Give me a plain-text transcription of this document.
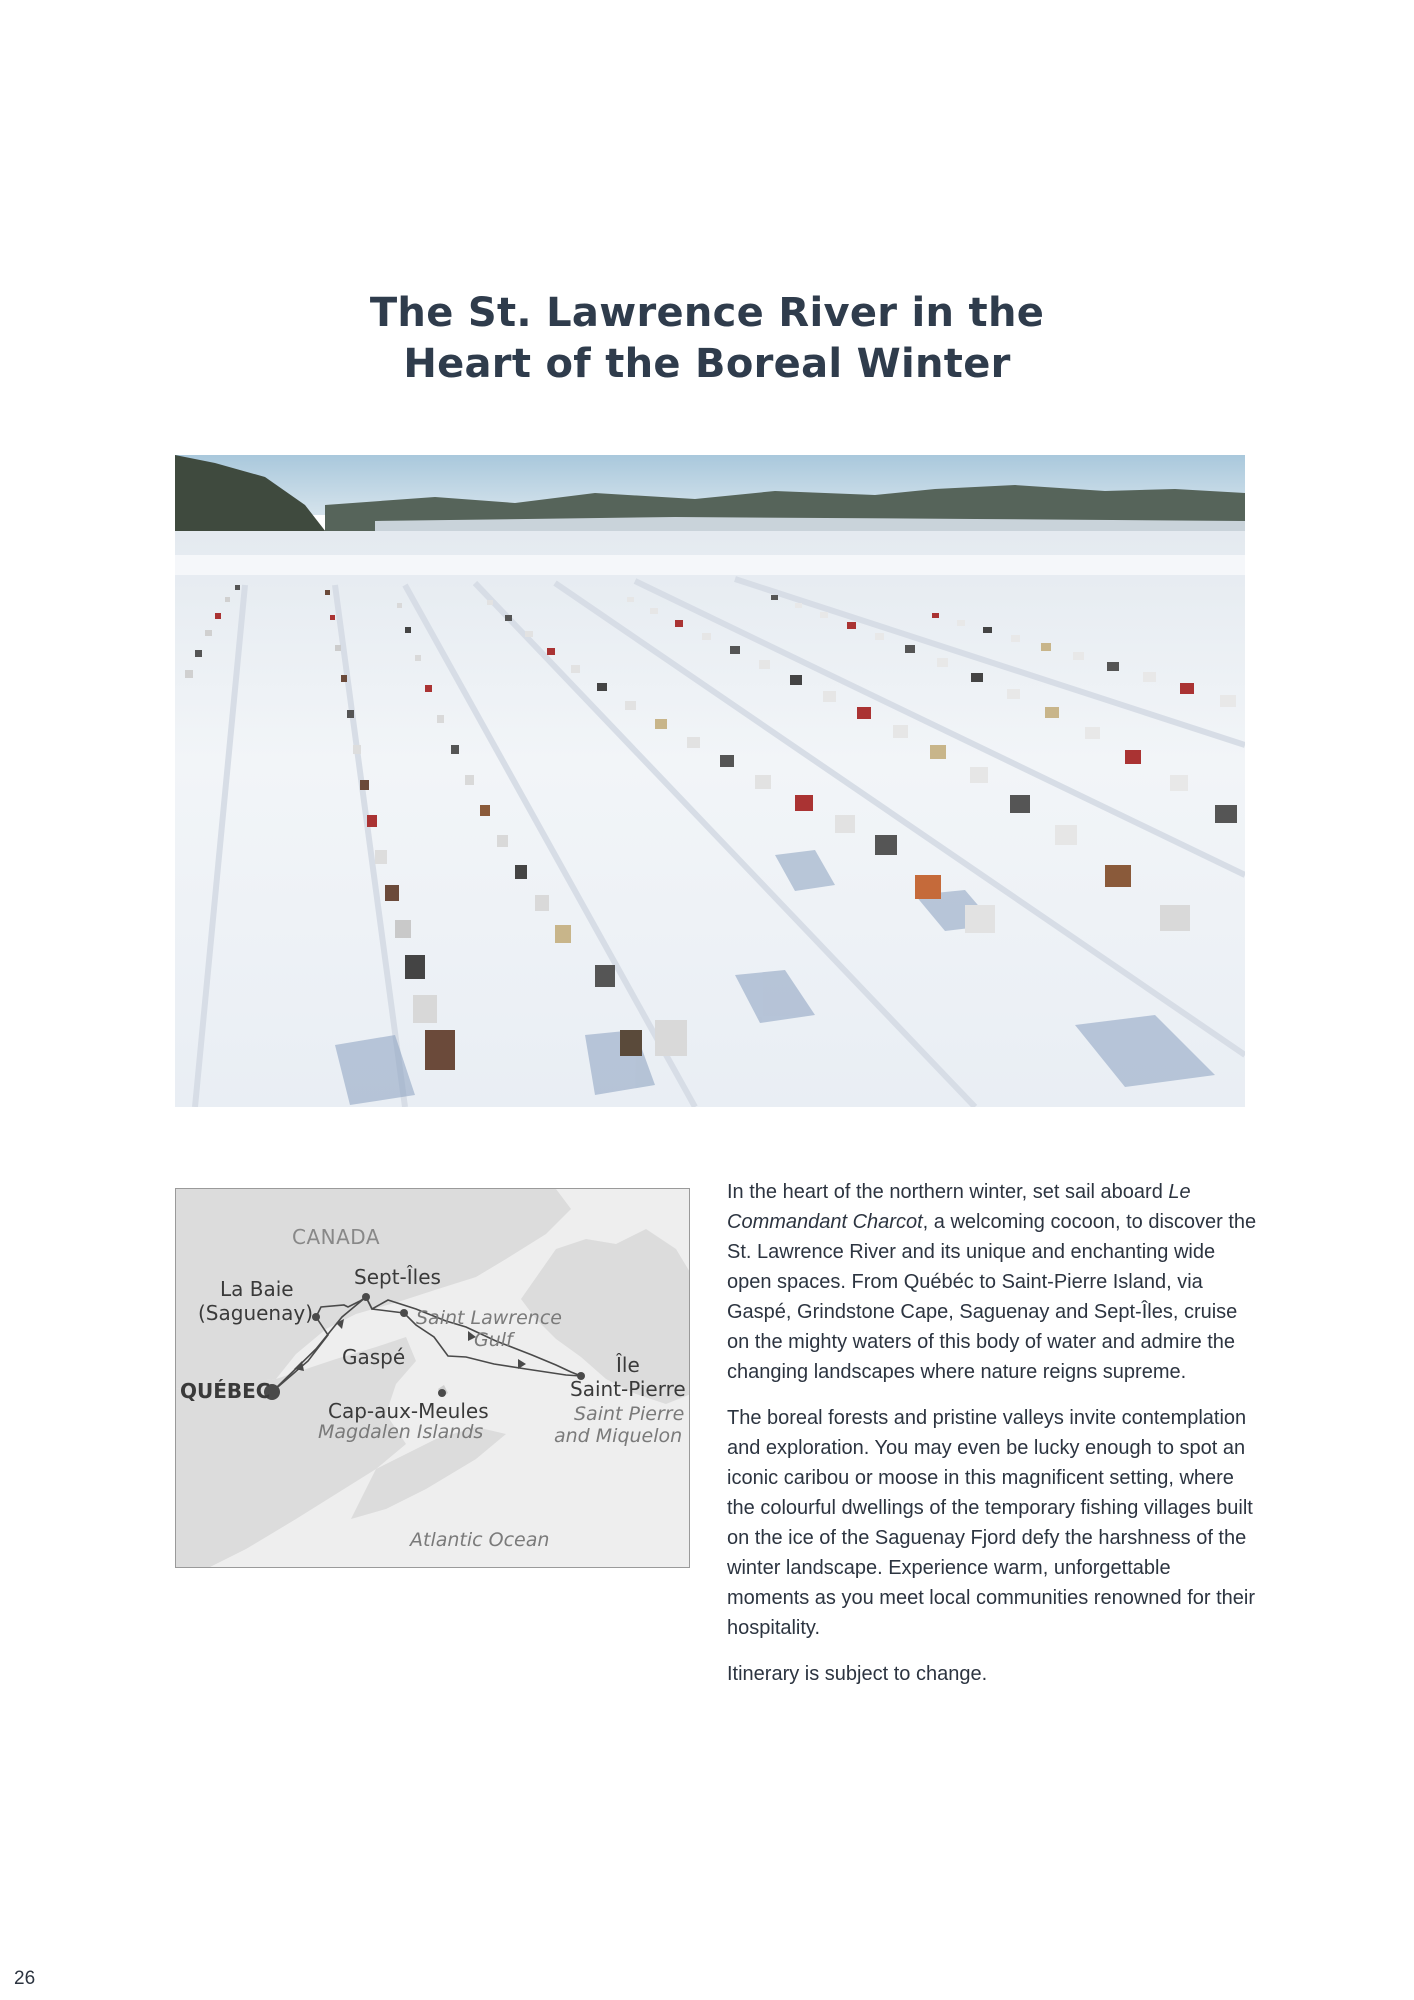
The St. Lawrence River in the
Heart of the Boreal Winter
CANADA
La Baie
(Saguenay)
Sept-Îles
Saint Lawrence
Gulf
Gaspé
QUÉBEC
Île
Saint-Pierre
Saint Pierre
and Miquelon
Cap-aux-Meules
Magdalen Islands
Atlantic Ocean

In the heart of the northern winter, set sail aboard Le Commandant Charcot, a welcoming cocoon, to discover the St. Lawrence River and its unique and enchanting wide open spaces. From Québéc to Saint-Pierre Island, via Gaspé, Grindstone Cape, Saguenay and Sept-Îles, cruise on the mighty waters of this body of water and admire the changing landscapes where nature reigns supreme.

The boreal forests and pristine valleys invite contemplation and exploration. You may even be lucky enough to spot an iconic caribou or moose in this magnificent setting, where the colourful dwellings of the temporary fishing villages built on the ice of the Saguenay Fjord defy the harshness of the winter landscape. Experience warm, unforgettable moments as you meet local communities renowned for their hospitality.

Itinerary is subject to change.

26
